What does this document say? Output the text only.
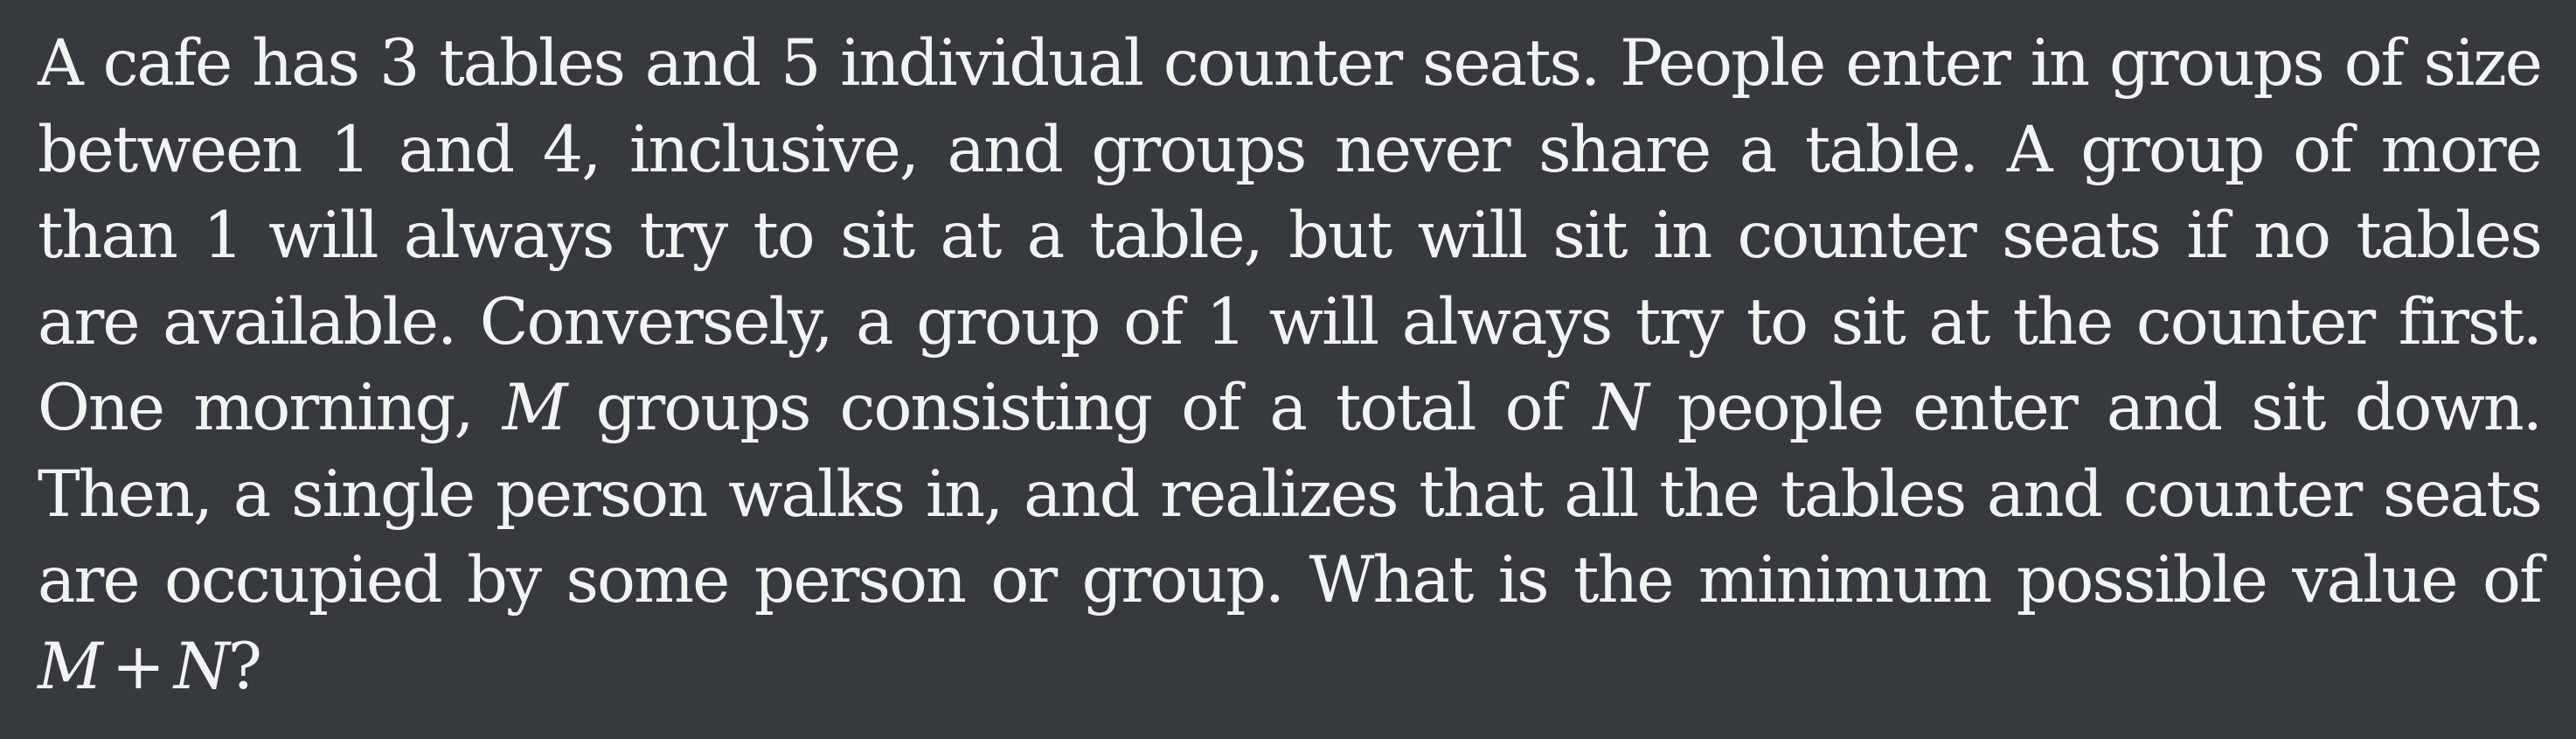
A cafe has 3 tables and 5 individual counter seats. People enter in groups of size between 1 and 4, inclusive, and groups never share a table. A group of more than 1 will always try to sit at a table, but will sit in counter seats if no tables are available. Conversely, a group of 1 will always try to sit at the counter first. One morning, M groups consisting of a total of N people enter and sit down. Then, a single person walks in, and realizes that all the tables and counter seats are occupied by some person or group. What is the minimum possible value of M + N?
